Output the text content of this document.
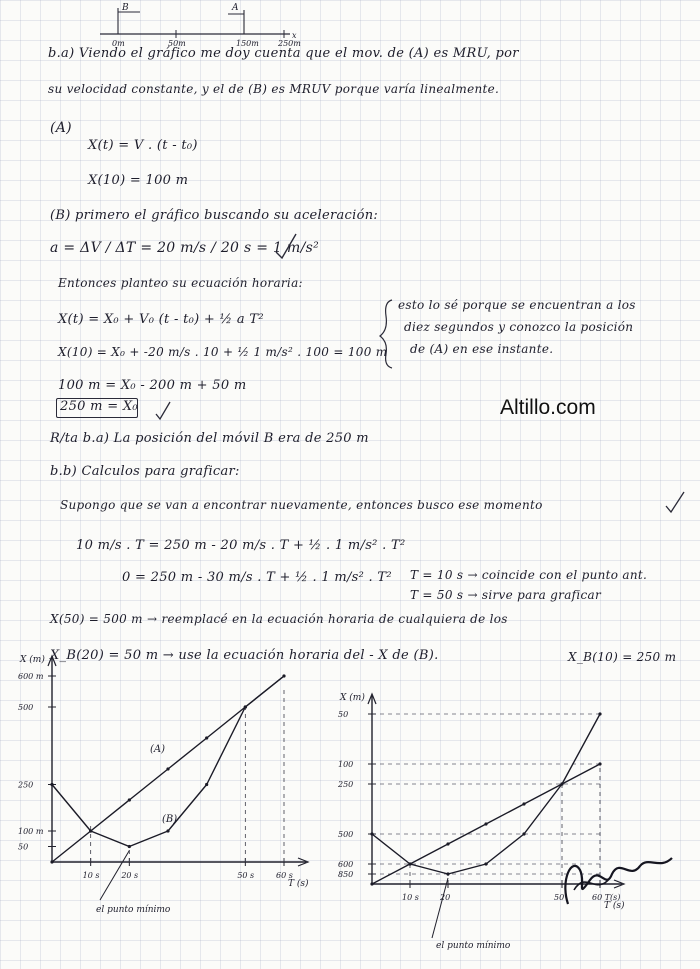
B	A
0m	50m	150m 250m
x
b.a) Viendo el gráfico me doy cuenta que el mov. de (A) es MRU, por
su velocidad constante, y el de (B) es MRUV porque varía linealmente.
(A)
X(t) = V . (t - t₀)
X(10) = 100 m
(B) primero el gráfico buscando su aceleración:
a = ΔV / ΔT = 20 m/s / 20 s = 1 m/s²
Entonces planteo su ecuación horaria:
X(t) = X₀ + V₀ (t - t₀) + ½ a T²
esto lo sé porque se encuentran a los
diez segundos y conozco la posición
de (A) en ese instante.
X(10) = X₀ + -20 m/s . 10 + ½ 1 m/s² . 100 = 100 m
100 m = X₀ - 200 m + 50 m
250 m = X₀	Altillo.com
R/ta b.a) La posición del móvil B era de 250 m
b.b) Calculos para graficar:
Supongo que se van a encontrar nuevamente, entonces busco ese momento
10 m/s . T = 250 m - 20 m/s . T + ½ . 1 m/s² . T²
0 = 250 m - 30 m/s . T + ½ . 1 m/s² . T² T = 10 s → coincide con el punto ant.
T = 50 s → sirve para graficar
X(50) = 500 m → reemplacé en la ecuación horaria de cualquiera de los
X_B(20) = 50 m → use la ecuación horaria del - X de (B).	X_B(10) = 250 m
X (m)
T (s)
50
100 m
250
500
600 m
10 s	20 s	50 s	60 s
(A)
(B)
el punto mínimo
X (m)
T (s)
850
600
500
250
100
50
10 s	20	50	60 T(s)
el punto mínimo
